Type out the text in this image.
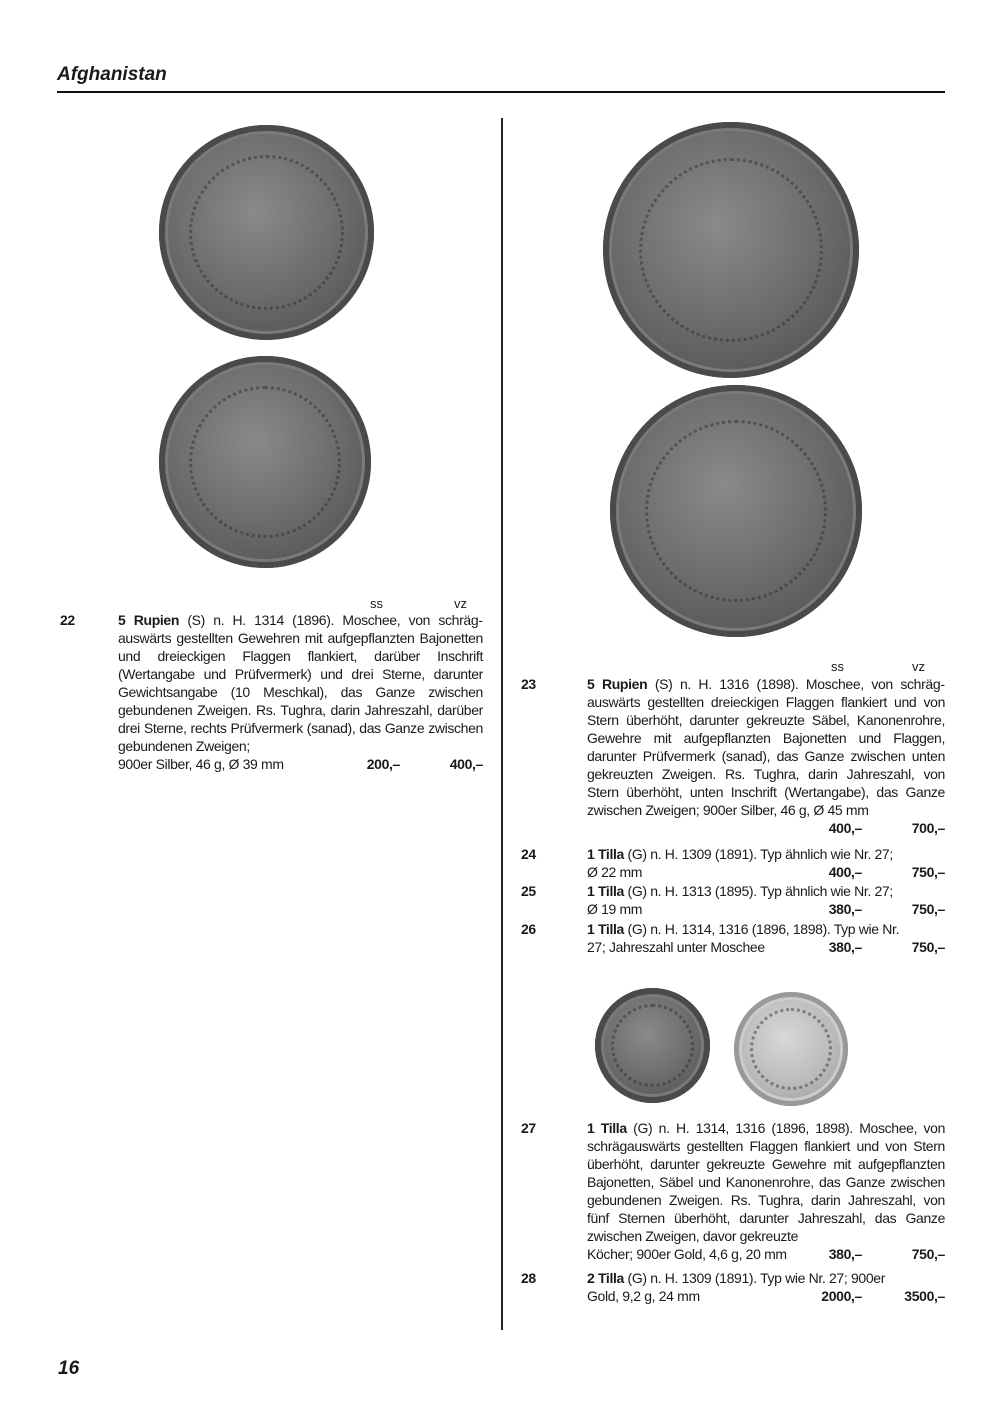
Afghanistan
ss	vz
22	5 Rupien (S) n. H. 1314 (1896). Moschee, von schrägauswärts gestellten Gewehren mit aufgepflanzten Bajonetten und dreieckigen Flaggen flankiert, darüber Inschrift (Wertangabe und Prüfvermerk) und drei Sterne, darunter Gewichtsangabe (10 Meschkal), das Ganze zwischen gebundenen Zweigen. Rs. Tughra, darin Jahreszahl, darüber drei Sterne, rechts Prüfvermerk (sanad), das Ganze zwischen gebundenen Zweigen;
900er Silber, 46 g, Ø 39 mm	200,–	400,–
ss	vz
23	5 Rupien (S) n. H. 1316 (1898). Moschee, von schrägauswärts gestellten dreieckigen Flaggen flankiert und von Stern überhöht, darunter gekreuzte Säbel, Kanonenrohre, Gewehre mit aufgepflanzten Bajonetten und Flaggen, darunter Prüfvermerk (sanad), das Ganze zwischen unten gekreuzten Zweigen. Rs. Tughra, darin Jahreszahl, von Stern überhöht, unten Inschrift (Wertangabe), das Ganze zwischen Zweigen; 900er Silber, 46 g, Ø 45 mm
400,–	700,–
24	1 Tilla (G) n. H. 1309 (1891). Typ ähnlich wie Nr. 27;
Ø 22 mm	400,–	750,–
25	1 Tilla (G) n. H. 1313 (1895). Typ ähnlich wie Nr. 27;
Ø 19 mm	380,–	750,–
26	1 Tilla (G) n. H. 1314, 1316 (1896, 1898). Typ wie Nr.
27; Jahreszahl unter Moschee	380,–	750,–
27	1 Tilla (G) n. H. 1314, 1316 (1896, 1898). Moschee, von schrägauswärts gestellten Flaggen flankiert und von Stern überhöht, darunter gekreuzte Gewehre mit aufgepflanzten Bajonetten, Säbel und Kanonenrohre, das Ganze zwischen gebundenen Zweigen. Rs. Tughra, darin Jahreszahl, von fünf Sternen überhöht, darunter Jahreszahl, das Ganze zwischen Zweigen, davor gekreuzte
Köcher; 900er Gold, 4,6 g, 20 mm	380,–	750,–
28	2 Tilla (G) n. H. 1309 (1891). Typ wie Nr. 27; 900er
Gold, 9,2 g, 24 mm	2000,–	3500,–
16
